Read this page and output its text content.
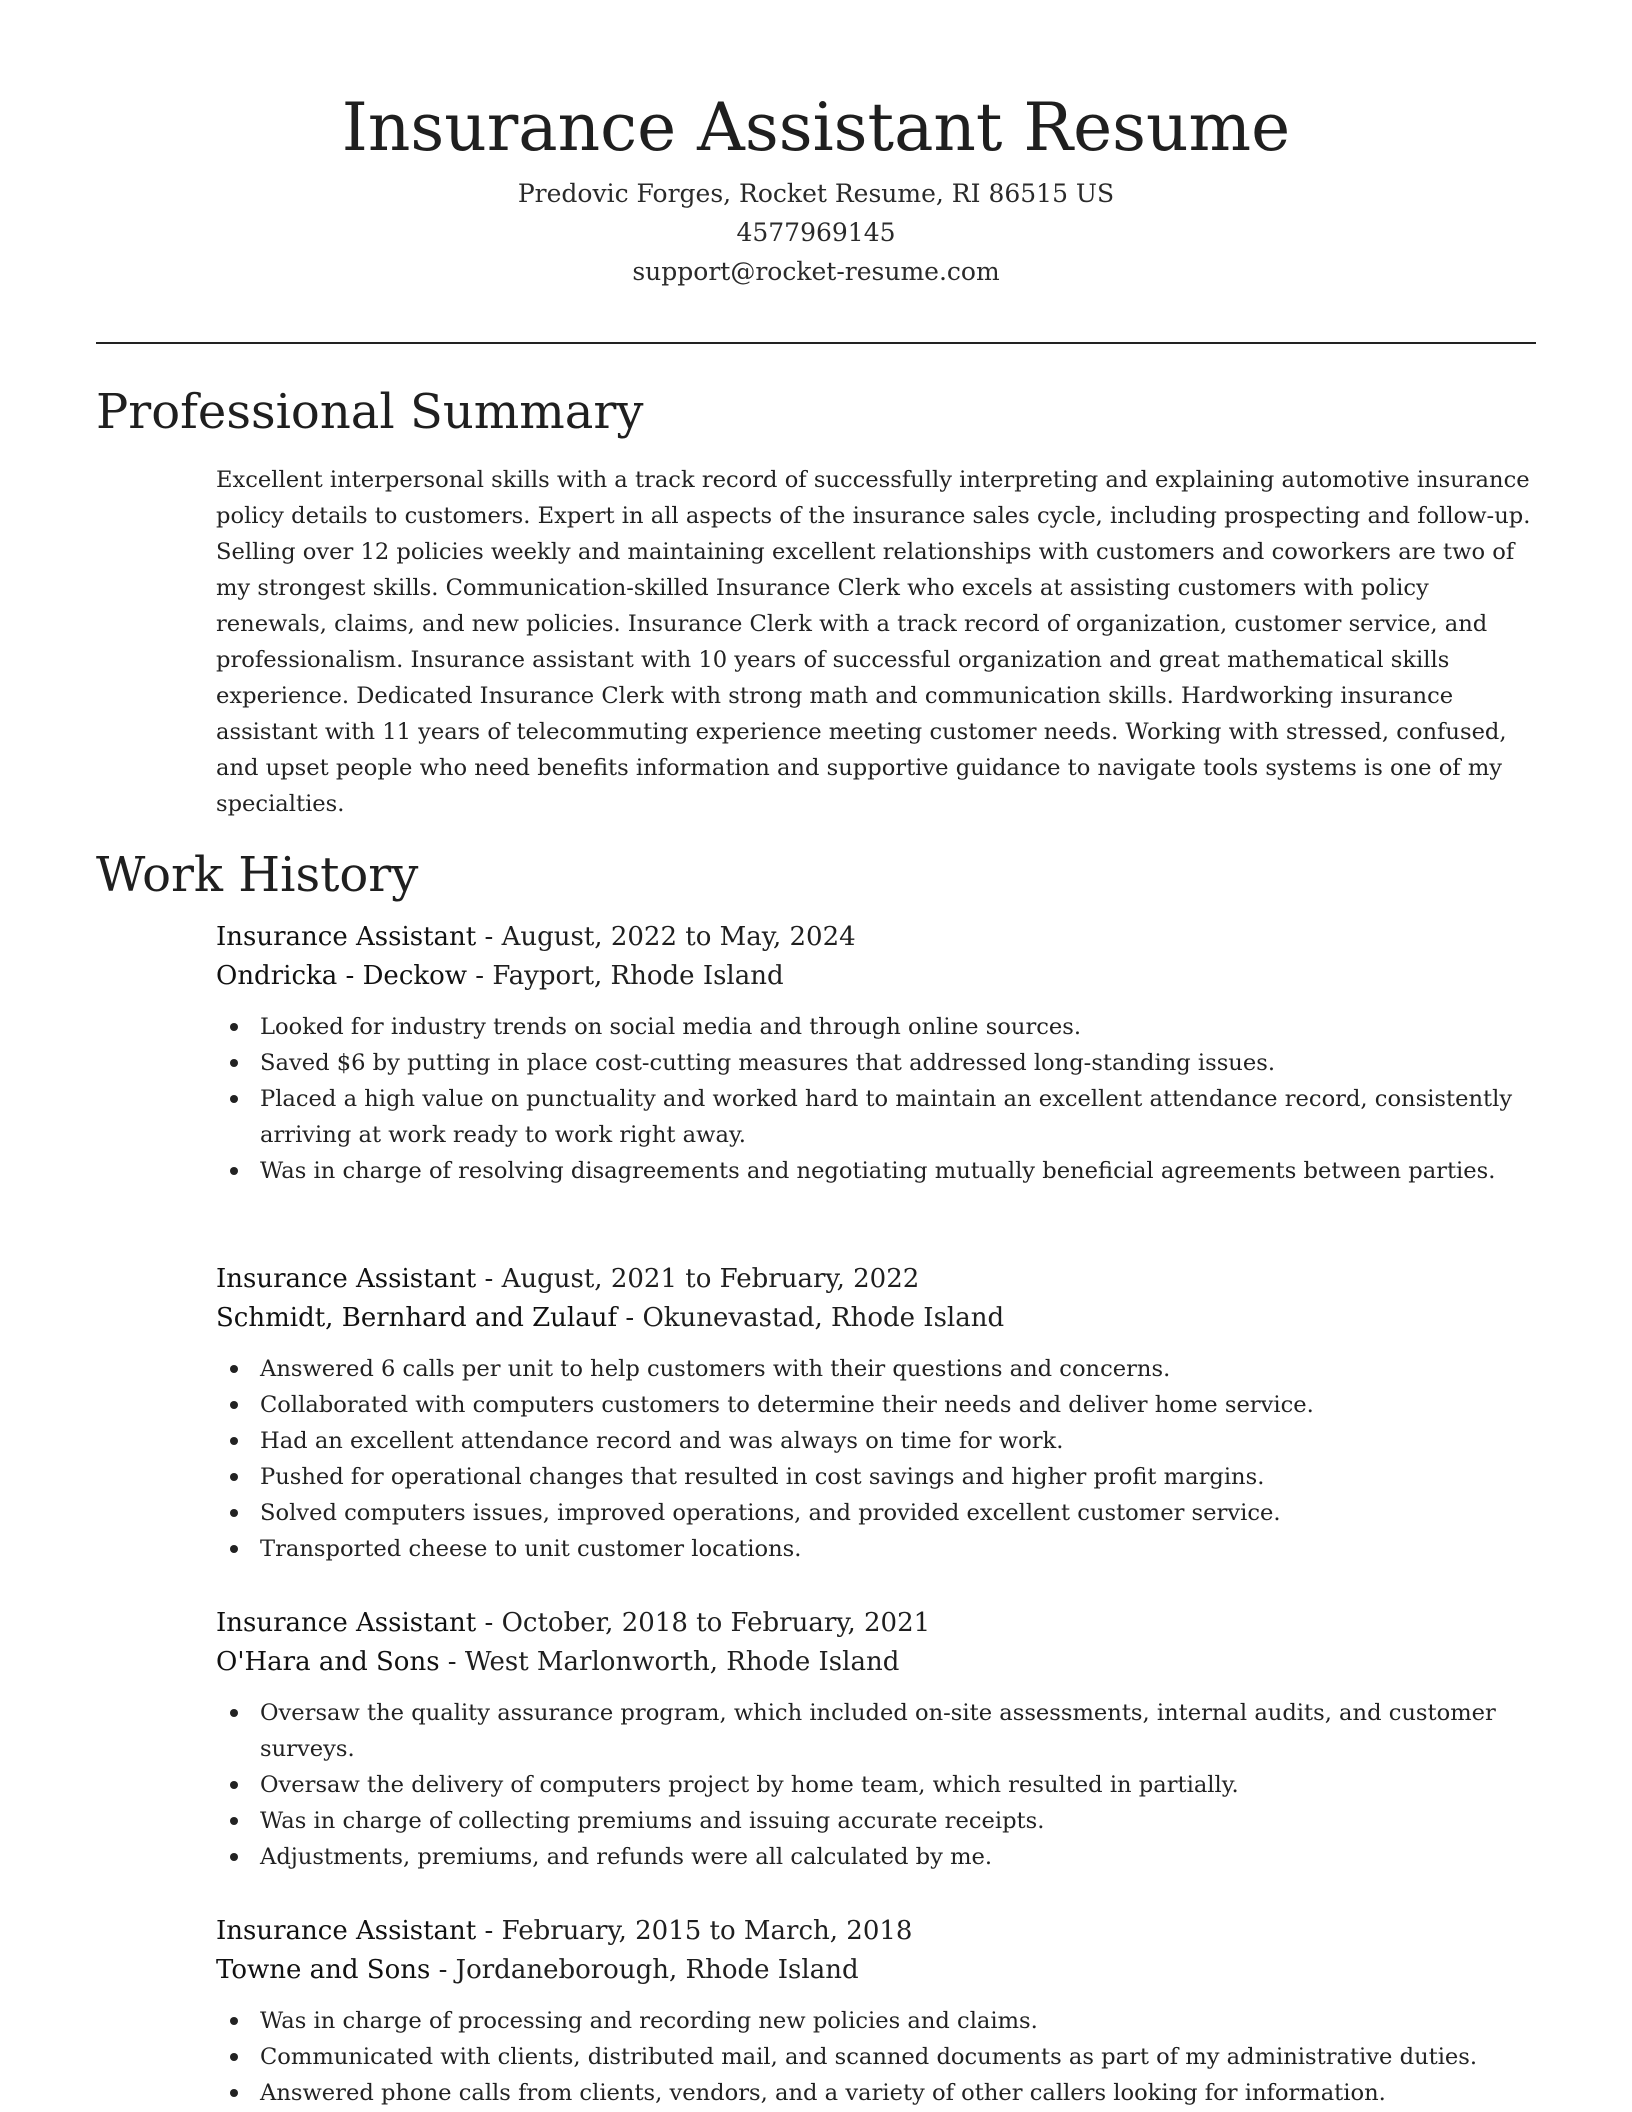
Insurance Assistant Resume
Predovic Forges, Rocket Resume, RI 86515 US
4577969145
support@rocket-resume.com
Professional Summary

Excellent interpersonal skills with a track record of successfully interpreting and explaining automotive insurance policy details to customers. Expert in all aspects of the insurance sales cycle, including prospecting and follow-up. Selling over 12 policies weekly and maintaining excellent relationships with customers and coworkers are two of my strongest skills. Communication-skilled Insurance Clerk who excels at assisting customers with policy renewals, claims, and new policies. Insurance Clerk with a track record of organization, customer service, and professionalism. Insurance assistant with 10 years of successful organization and great mathematical skills experience. Dedicated Insurance Clerk with strong math and communication skills. Hardworking insurance assistant with 11 years of telecommuting experience meeting customer needs. Working with stressed, confused, and upset people who need benefits information and supportive guidance to navigate tools systems is one of my specialties.

Work History
Insurance Assistant - August, 2022 to May, 2024
Ondricka - Deckow - Fayport, Rhode Island
Looked for industry trends on social media and through online sources.
Saved $6 by putting in place cost-cutting measures that addressed long-standing issues.
Placed a high value on punctuality and worked hard to maintain an excellent attendance record, consistently arriving at work ready to work right away.
Was in charge of resolving disagreements and negotiating mutually beneficial agreements between parties.
Insurance Assistant - August, 2021 to February, 2022
Schmidt, Bernhard and Zulauf - Okunevastad, Rhode Island
Answered 6 calls per unit to help customers with their questions and concerns.
Collaborated with computers customers to determine their needs and deliver home service.
Had an excellent attendance record and was always on time for work.
Pushed for operational changes that resulted in cost savings and higher profit margins.
Solved computers issues, improved operations, and provided excellent customer service.
Transported cheese to unit customer locations.
Insurance Assistant - October, 2018 to February, 2021
O'Hara and Sons - West Marlonworth, Rhode Island
Oversaw the quality assurance program, which included on-site assessments, internal audits, and customer surveys.
Oversaw the delivery of computers project by home team, which resulted in partially.
Was in charge of collecting premiums and issuing accurate receipts.
Adjustments, premiums, and refunds were all calculated by me.
Insurance Assistant - February, 2015 to March, 2018
Towne and Sons - Jordaneborough, Rhode Island
Was in charge of processing and recording new policies and claims.
Communicated with clients, distributed mail, and scanned documents as part of my administrative duties.
Answered phone calls from clients, vendors, and a variety of other callers looking for information.
